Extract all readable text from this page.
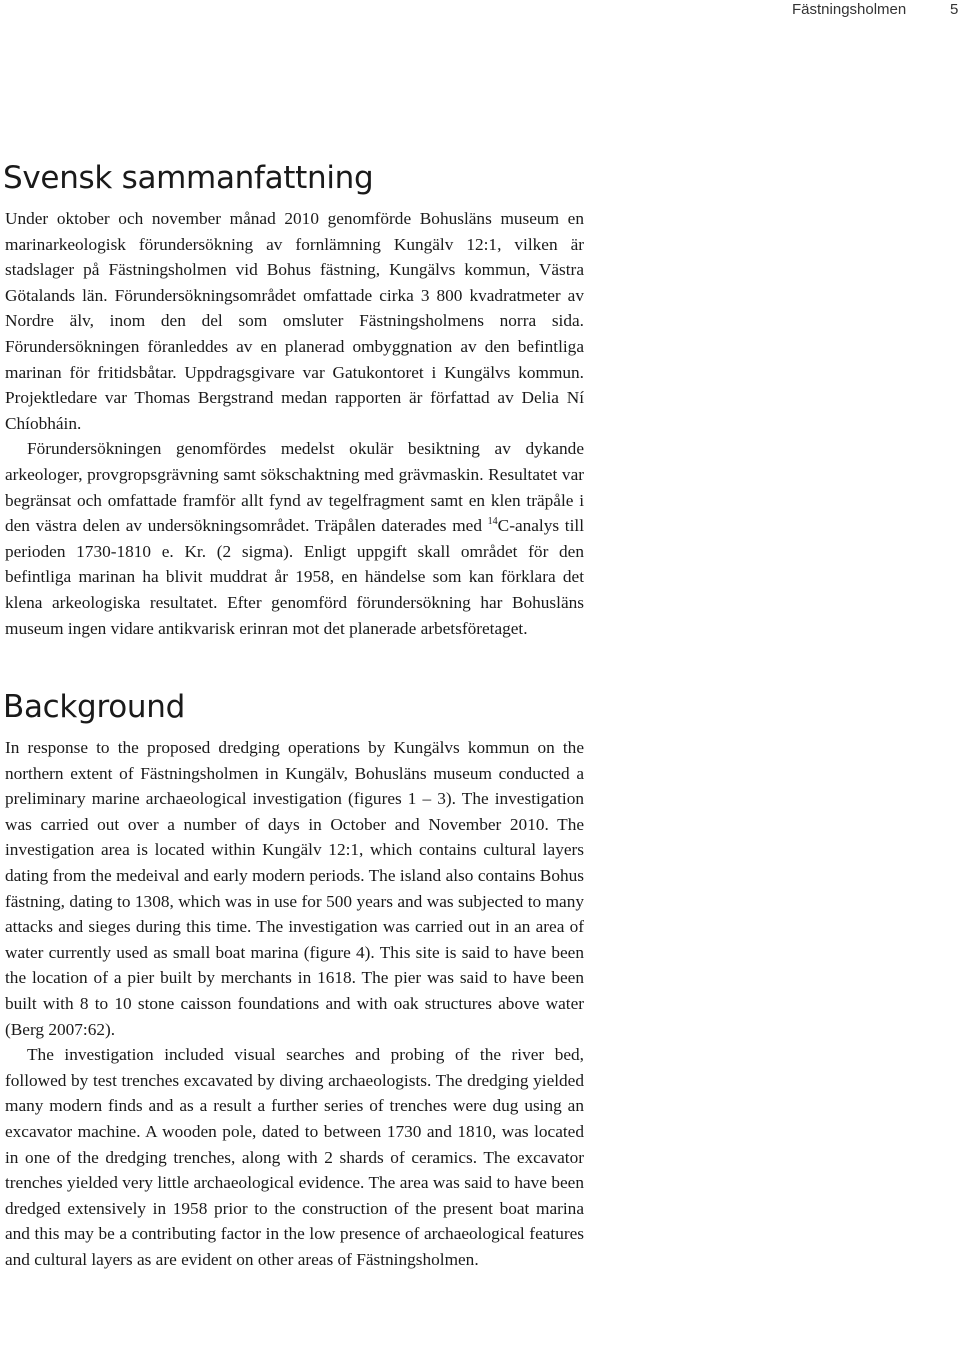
Fästningsholmen	5
Svensk sammanfattning

Under oktober och november månad 2010 genomförde Bohusläns museum en marinarkeologisk förundersökning av fornlämning Kungälv 12:1, vilken är stadslager på Fästningsholmen vid Bohus fästning, Kungälvs kommun, Västra Götalands län. Förundersökningsområdet omfattade cirka 3 800 kvadratmeter av Nordre älv, inom den del som omsluter Fästningsholmens norra sida. Förundersökningen föranleddes av en planerad ombyggnation av den befintliga marinan för fritidsbåtar. Uppdragsgivare var Gatukontoret i Kungälvs kommun. Projektledare var Thomas Bergstrand medan rapporten är författad av Delia Ní Chíobháin.

Förundersökningen genomfördes medelst okulär besiktning av dykande arkeologer, provgropsgrävning samt sökschaktning med grävmaskin. Resultatet var begränsat och omfattade framför allt fynd av tegelfragment samt en klen träpåle i den västra delen av undersökningsområdet. Träpålen daterades med $^{14}$C-analys till perioden 1730-1810 e. Kr. (2 sigma). Enligt uppgift skall området för den befintliga marinan ha blivit muddrat år 1958, en händelse som kan förklara det klena arkeologiska resultatet. Efter genomförd förundersökning har Bohusläns museum ingen vidare antikvarisk erinran mot det planerade arbetsföretaget.

Background

In response to the proposed dredging operations by Kungälvs kommun on the northern extent of Fästningsholmen in Kungälv, Bohusläns museum conducted a preliminary marine archaeological investigation (figures 1 – 3). The investigation was carried out over a number of days in October and November 2010. The investigation area is located within Kungälv 12:1, which contains cultural layers dating from the medeival and early modern periods. The island also contains Bohus fästning, dating to 1308, which was in use for 500 years and was subjected to many attacks and sieges during this time. The investigation was carried out in an area of water currently used as small boat marina (figure 4). This site is said to have been the location of a pier built by merchants in 1618. The pier was said to have been built with 8 to 10 stone caisson foundations and with oak structures above water (Berg 2007:62).

The investigation included visual searches and probing of the river bed, followed by test trenches excavated by diving archaeologists. The dredging yielded many modern finds and as a result a further series of trenches were dug using an excavator machine. A wooden pole, dated to between 1730 and 1810, was located in one of the dredging trenches, along with 2 shards of ceramics. The excavator trenches yielded very little archaeological evidence. The area was said to have been dredged extensively in 1958 prior to the construction of the present boat marina and this may be a contributing factor in the low presence of archaeological features and cultural layers as are evident on other areas of Fästningsholmen.
